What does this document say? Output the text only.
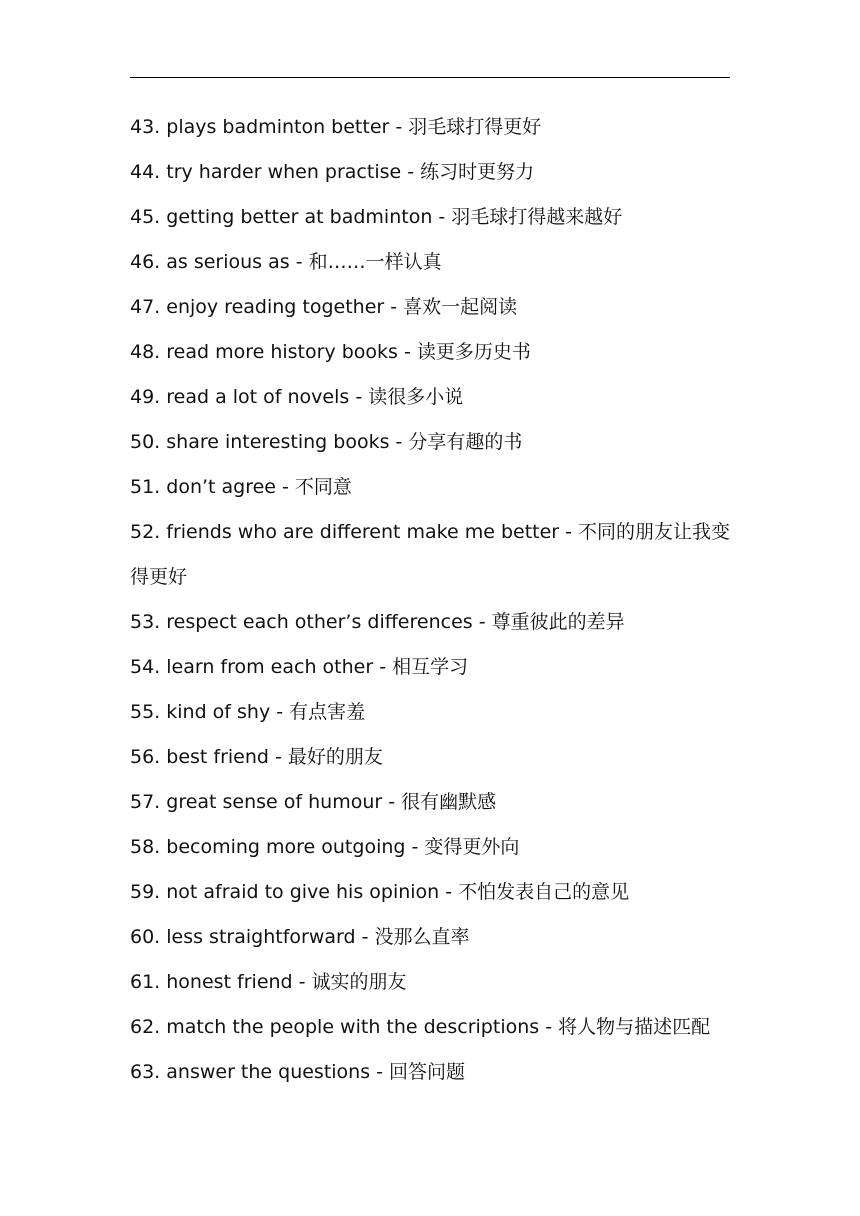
43. plays badminton better - 羽毛球打得更好
44. try harder when practise - 练习时更努力
45. getting better at badminton - 羽毛球打得越来越好
46. as serious as - 和……一样认真
47. enjoy reading together - 喜欢一起阅读
48. read more history books - 读更多历史书
49. read a lot of novels - 读很多小说
50. share interesting books - 分享有趣的书
51. don’t agree - 不同意
52. friends who are different make me better - 不同的朋友让我变得更好
53. respect each other’s differences - 尊重彼此的差异
54. learn from each other - 相互学习
55. kind of shy - 有点害羞
56. best friend - 最好的朋友
57. great sense of humour - 很有幽默感
58. becoming more outgoing - 变得更外向
59. not afraid to give his opinion - 不怕发表自己的意见
60. less straightforward - 没那么直率
61. honest friend - 诚实的朋友
62. match the people with the descriptions - 将人物与描述匹配
63. answer the questions - 回答问题
